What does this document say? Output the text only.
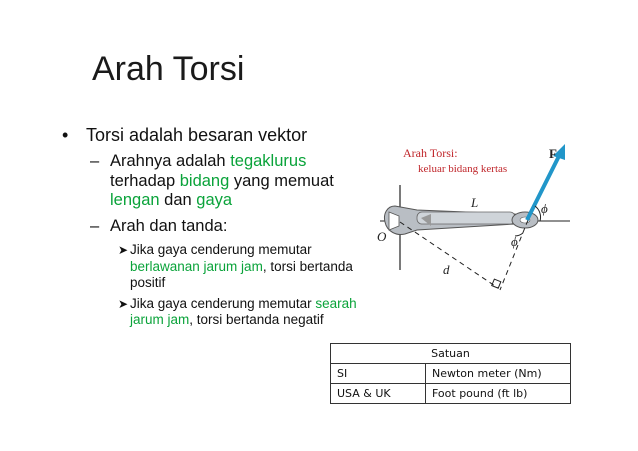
Arah Torsi
• Torsi adalah besaran vektor
– Arahnya adalah tegaklurus terhadap bidang yang memuat lengan dan gaya
– Arah dan tanda:
➤ Jika gaya cenderung memutar berlawanan jarum jam, torsi bertanda positif
➤ Jika gaya cenderung memutar searah jarum jam, torsi bertanda negatif
Arah Torsi:
keluar bidang kertas
F
O
L
d
ϕ
ϕ
Satuan	
SI	Newton meter (Nm)
USA & UK	Foot pound (ft lb)
